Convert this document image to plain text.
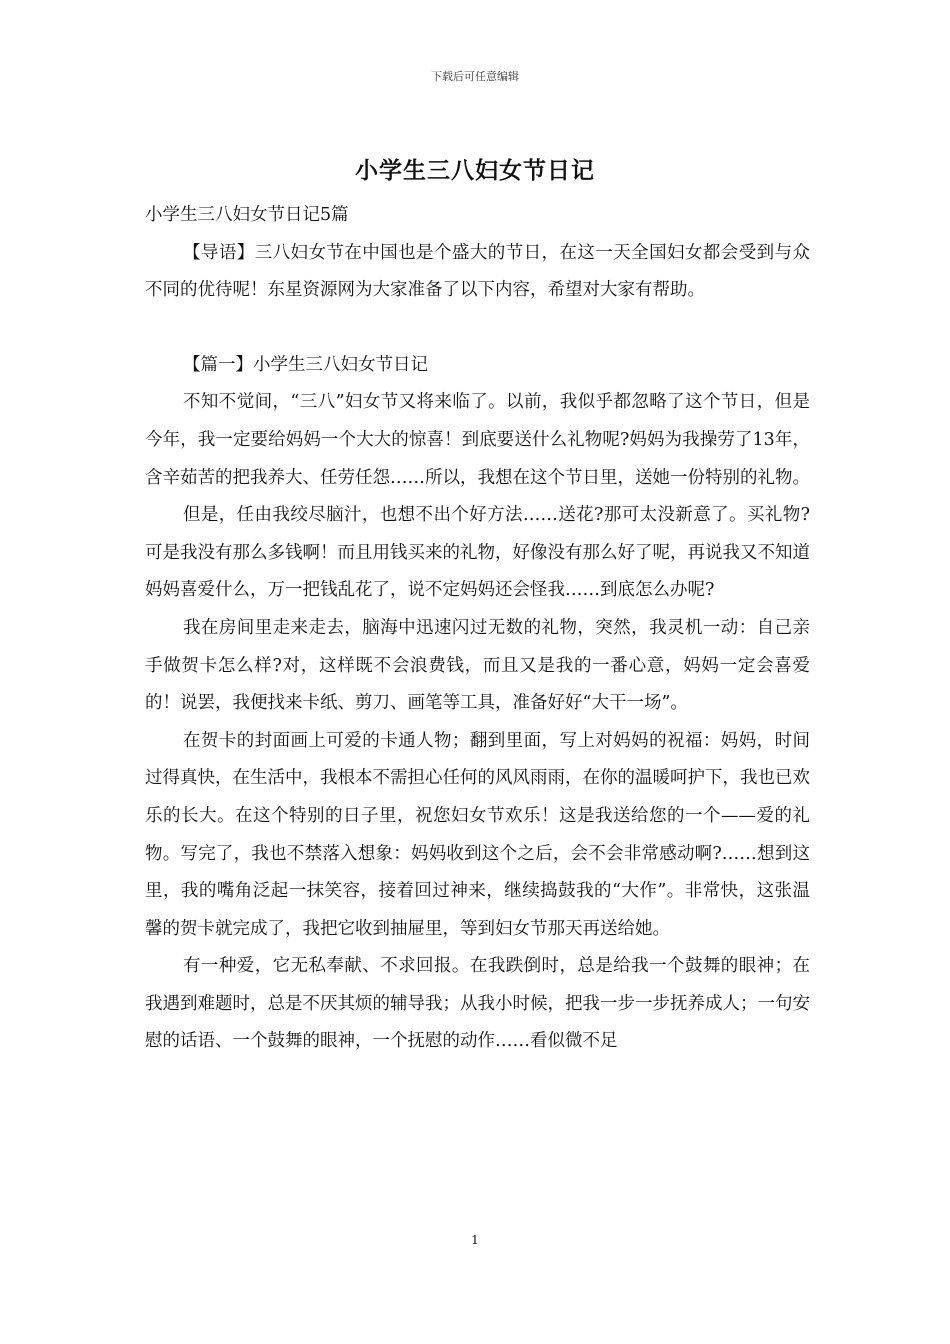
下载后可任意编辑
小学生三八妇女节日记

小学生三八妇女节日记5篇

【导语】三八妇女节在中国也是个盛大的节日，在这一天全国妇女都会受到与众不同的优待呢！东星资源网为大家准备了以下内容，希望对大家有帮助。

【篇一】小学生三八妇女节日记

不知不觉间，“三八”妇女节又将来临了。以前，我似乎都忽略了这个节日，但是今年，我一定要给妈妈一个大大的惊喜！到底要送什么礼物呢?妈妈为我操劳了13年，含辛茹苦的把我养大、任劳任怨……所以，我想在这个节日里，送她一份特别的礼物。

但是，任由我绞尽脑汁，也想不出个好方法……送花?那可太没新意了。买礼物?可是我没有那么多钱啊！而且用钱买来的礼物，好像没有那么好了呢，再说我又不知道妈妈喜爱什么，万一把钱乱花了，说不定妈妈还会怪我……到底怎么办呢?

我在房间里走来走去，脑海中迅速闪过无数的礼物，突然，我灵机一动：自己亲手做贺卡怎么样?对，这样既不会浪费钱，而且又是我的一番心意，妈妈一定会喜爱的！说罢，我便找来卡纸、剪刀、画笔等工具，准备好好“大干一场”。

在贺卡的封面画上可爱的卡通人物；翻到里面，写上对妈妈的祝福：妈妈，时间过得真快，在生活中，我根本不需担心任何的风风雨雨，在你的温暖呵护下，我也已欢乐的长大。在这个特别的日子里，祝您妇女节欢乐！这是我送给您的一个——爱的礼物。写完了，我也不禁落入想象：妈妈收到这个之后，会不会非常感动啊?……想到这里，我的嘴角泛起一抹笑容，接着回过神来，继续捣鼓我的“大作”。非常快，这张温馨的贺卡就完成了，我把它收到抽屉里，等到妇女节那天再送给她。

有一种爱，它无私奉献、不求回报。在我跌倒时，总是给我一个鼓舞的眼神；在我遇到难题时，总是不厌其烦的辅导我；从我小时候，把我一步一步抚养成人；一句安慰的话语、一个鼓舞的眼神，一个抚慰的动作……看似微不足

1
